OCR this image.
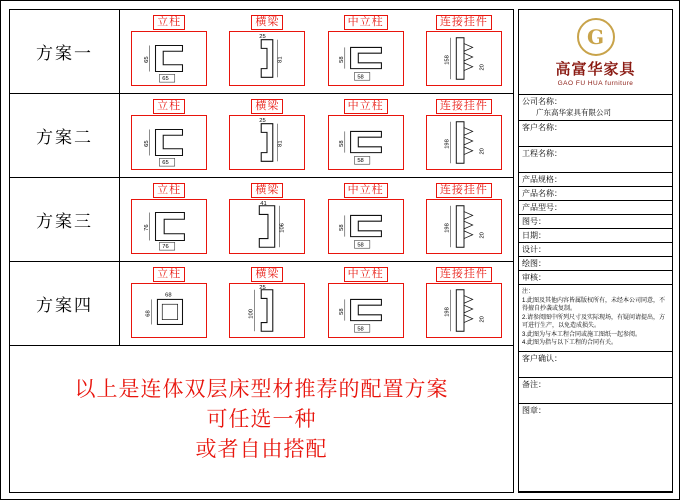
方案一
立柱
65
65
横梁
25
81
中立柱
58
58
连接挂件
158
20
方案二
立柱
65
65
横梁
25
81
中立柱
58
58
连接挂件
198
20
方案三
立柱
76
76
横梁
41
106
中立柱
58
58
连接挂件
198
20
方案四
立柱
68
68
横梁
25
100
中立柱
58
58
连接挂件
198
20
以上是连体双层床型材推荐的配置方案
可任选一种
或者自由搭配
G
高富华家具
GAO FU HUA furniture
公司名称：
广东高华家具有限公司
客户名称：
工程名称：
产品规格：
产品名称：
产品型号：
图号：
日期：
设计：
绘图：
审核：
注：
1.此图及其他内容皆属版权所有，未经本公司同意，不得擅自抄袭或复制。
2.请参阅图中所列尺寸及实际现场，有疑问请提出，方可进行生产，以免造成损失。
3.此图为与本工程合同或施工图纸一起参阅。
4.此图为指与以下工程的合同有关。
客户确认：
备注：
图章：
